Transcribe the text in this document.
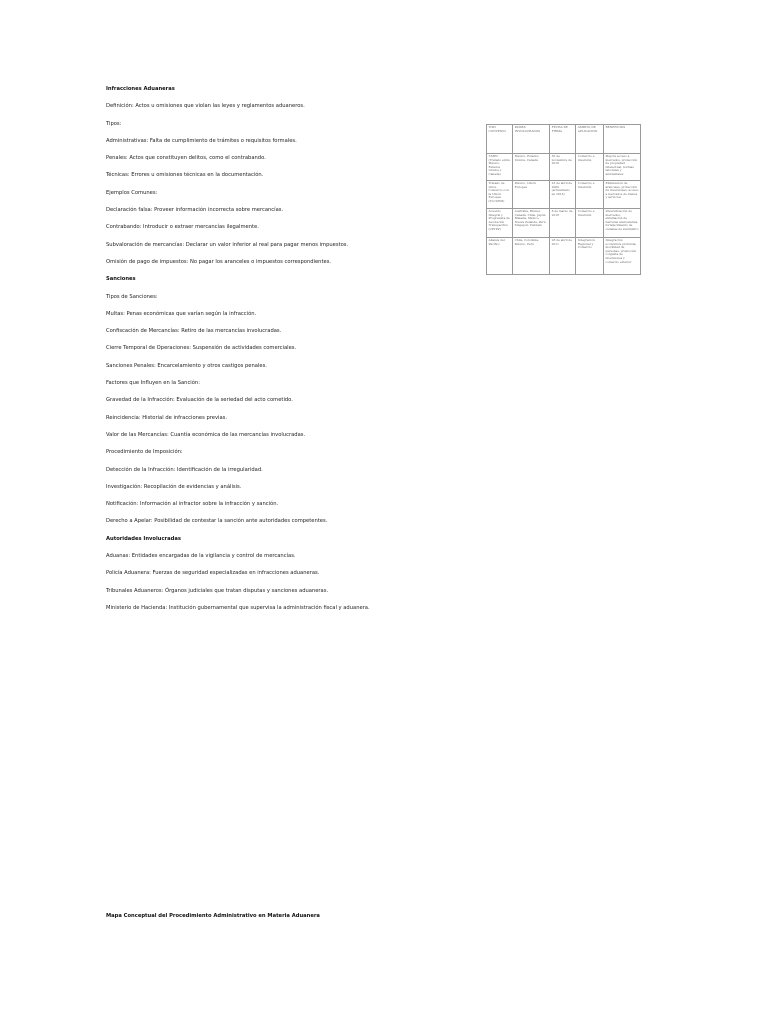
Infracciones Aduaneras
Definición: Actos u omisiones que violan las leyes y reglamentos aduaneros.
Tipos:
Administrativas: Falta de cumplimiento de trámites o requisitos formales.
Penales: Actos que constituyen delitos, como el contrabando.
Técnicas: Errores u omisiones técnicas en la documentación.
Ejemplos Comunes:
Declaración falsa: Proveer información incorrecta sobre mercancías.
Contrabando: Introducir o extraer mercancías ilegalmente.
Subvaloración de mercancías: Declarar un valor inferior al real para pagar menos impuestos.
Omisión de pago de impuestos: No pagar los aranceles o impuestos correspondientes.
Sanciones
Tipos de Sanciones:
Multas: Penas económicas que varían según la infracción.
Confiscación de Mercancías: Retiro de las mercancías involucradas.
Cierre Temporal de Operaciones: Suspensión de actividades comerciales.
Sanciones Penales: Encarcelamiento y otros castigos penales.
Factores que Influyen en la Sanción:
Gravedad de la Infracción: Evaluación de la seriedad del acto cometido.
Reincidencia: Historial de infracciones previas.
Valor de las Mercancías: Cuantía económica de las mercancías involucradas.
Procedimiento de Imposición:
Detección de la Infracción: Identificación de la irregularidad.
Investigación: Recopilación de evidencias y análisis.
Notificación: Información al infractor sobre la infracción y sanción.
Derecho a Apelar: Posibilidad de contestar la sanción ante autoridades competentes.
Autoridades Involucradas
Aduanas: Entidades encargadas de la vigilancia y control de mercancías.
Policía Aduanera: Fuerzas de seguridad especializadas en infracciones aduaneras.
Tribunales Aduaneros: Órganos judiciales que tratan disputas y sanciones aduaneras.
Ministerio de Hacienda: Institución gubernamental que supervisa la administración fiscal y aduanera.
Mapa Conceptual del Procedimiento Administrativo en Materia Aduanera
TIPO CONVENIO	PAÍSES INVOLUCRADOS	FECHA DE FIRMA	ÁMBITO DE APLICACIÓN	BENEFICIOS
T-MEC (Tratado entre México, Estados Unidos y Canadá)	México, Estados Unidos, Canadá	30 de noviembre de 2018	Comercio e inversión	Mejora acceso a mercados, protección de propiedad intelectual, normas laborales y ambientales
Tratado de Libre Comercio con la Unión Europea (TLCUEM)	México, Unión Europea	23 de abril de 2000 (actualizado en 2018)	Comercio e inversión	Eliminación de aranceles, protección de inversiones, acceso a mercados de bienes y servicios
Acuerdo Integral y Progresista de Asociación Transpacífico (CPTPP)	Australia, Brunei, Canadá, Chile, Japón, Malasia, México, Nueva Zelanda, Perú, Singapur, Vietnam	8 de marzo de 2018	Comercio e inversión	Diversificación de mercados, eliminación de barreras arancelarias, fortalecimiento de cadenas de suministro
Alianza del Pacífico	Chile, Colombia, México, Perú	28 de abril de 2011	Integración Regional y Comercio	Integración económica profunda, movilidad de personas, promoción conjunta de inversiones y comercio exterior
